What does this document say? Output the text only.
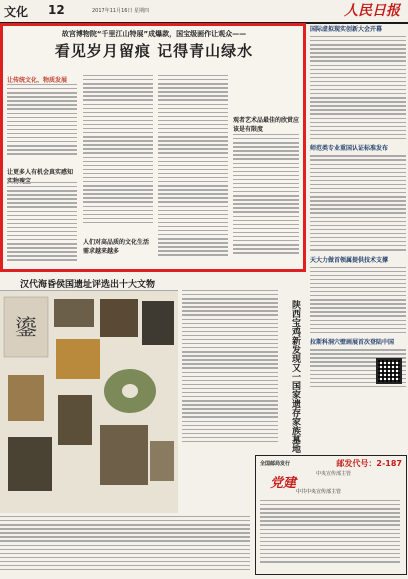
文化 12	2017年11月16日 星期四	人民日报
故宫博物院“千里江山特展”成爆款，国宝级画作让观众——
看见岁月留痕 记得青山绿水
让传统文化、物质发展
让更多人有机会真实感知
人们对高品质的文化生活需求越来越多
观者艺术品最佳的欣赏应该是有限度
国际虚拟现实创新大会开幕
师范类专业重国认证标准发布
天大力做首领属提供技术支撑
拉斯科洞穴壁画展首次登陆中国
汉代海昏侯国遗址评选出十大文物
鎏	陕西宝鸡新发现又一国家遗存家族墓地
全国邮局发行	邮发代号：2-187
党建
中共中央宣传部主管
中央宣传部主管
